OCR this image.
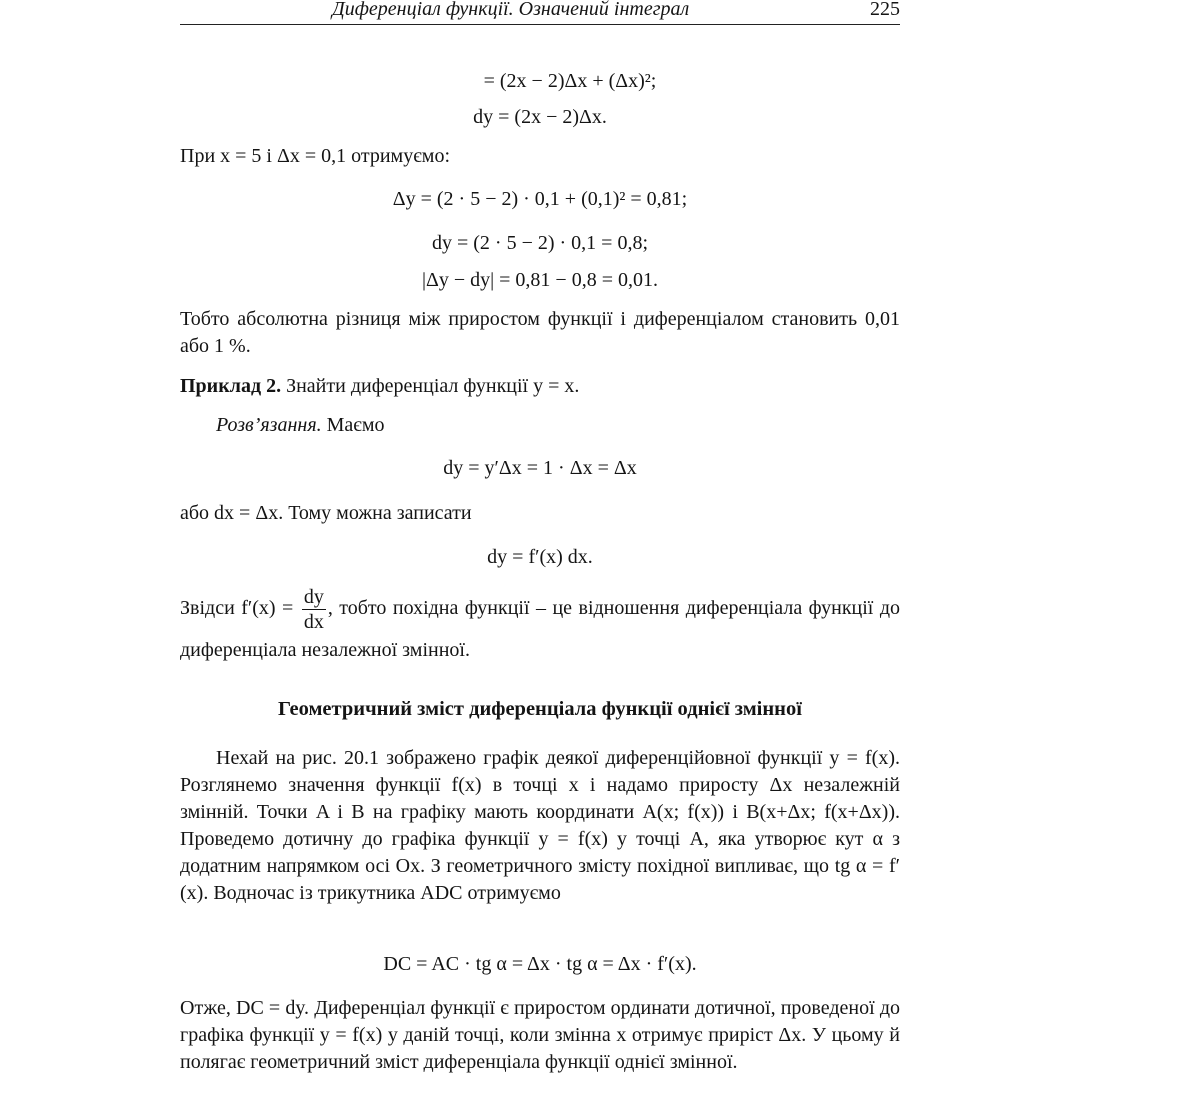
Диференціал функції. Означений інтеграл	225
= (2x − 2)Δx + (Δx)²;
dy = (2x − 2)Δx.
При x = 5 і Δx = 0,1 отримуємо:
Δy = (2 · 5 − 2) · 0,1 + (0,1)² = 0,81;
dy = (2 · 5 − 2) · 0,1 = 0,8;
|Δy − dy| = 0,81 − 0,8 = 0,01.
Тобто абсолютна різниця між приростом функції і диференціалом становить 0,01 або 1 %.
Приклад 2. Знайти диференціал функції y = x.
Розв’язання. Маємо
dy = y′Δx = 1 · Δx = Δx
або dx = Δx. Тому можна записати
dy = f′(x) dx.
Звідси $f'(x) = \frac{dy}{dx}$ , тобто похідна функції – це відношення диференціала функції до диференціала незалежної змінної.
Геометричний зміст диференціала функції однієї змінної
Нехай на рис. 20.1 зображено графік деякої диференційовної функції y = f(x). Розглянемо значення функції f(x) в точці x і надамо приросту Δx незалежній змінній. Точки A і B на графіку мають координати A(x; f(x)) і B(x+Δx; f(x+Δx)). Проведемо дотичну до графіка функції y = f(x) у точці A, яка утворює кут α з додатним напрямком осі Ox. З геометричного змісту похідної випливає, що tg α = f′(x). Водночас із трикутника ADC отримуємо
DC = AC · tg α = Δx · tg α = Δx · f′(x).
Отже, DC = dy. Диференціал функції є приростом ординати дотичної, проведеної до графіка функції y = f(x) у даній точці, коли змінна x отримує приріст Δx. У цьому й полягає геометричний зміст диференціала функції однієї змінної.
